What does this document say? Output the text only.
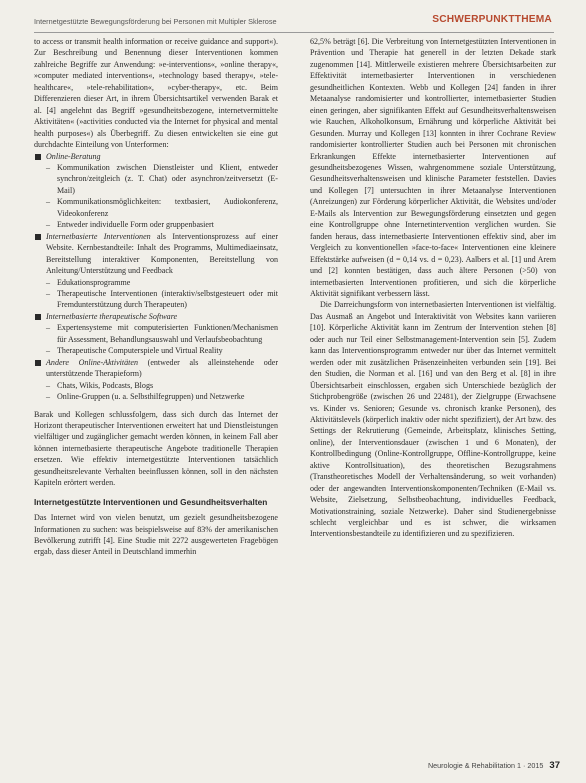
Internetgestützte Bewegungsförderung bei Personen mit Multipler Sklerose	SCHWERPUNKTTHEMA

to access or transmit health information or receive guidance and support«). Zur Beschreibung und Benennung dieser Interventionen kommen zahlreiche Begriffe zur Anwendung: »e-interventions«, »online therapy«, »computer mediated interventions«, »technology based therapy«, »tele-healthcare«, »tele-rehabilitation«, »cyber-therapy«, etc. Beim Differenzieren dieser Art, in ihrem Übersichtsartikel verwenden Barak et al. [4] angelehnt das Begriff »gesundheitsbezogene, internetvermittelte Aktivitäten« (»activities conducted via the Internet for physical and mental health purposes«) als Überbegriff. Zu diesen entwickelten sie eine gut durchdachte Einteilung von Unterformen:

Online-Beratung
– Kommunikation zwischen Dienstleister und Klient, entweder synchron/zeitgleich (z. T. Chat) oder asynchron/zeitversetzt (E-Mail)
– Kommunikationsmöglichkeiten: textbasiert, Audiokonferenz, Videokonferenz
– Entweder individuelle Form oder gruppenbasiert
Internetbasierte Interventionen als Interventionsprozess auf einer Website. Kernbestandteile: Inhalt des Programms, Multimediaeinsatz, Bereitstellung interaktiver Komponenten, Bereitstellung von Anleitung/Unterstützung und Feedback
– Edukationsprogramme
– Therapeutische Interventionen (interaktiv/selbstgesteuert oder mit Fremdunterstützung durch Therapeuten)
Internetbasierte therapeutische Software
– Expertensysteme mit computerisierten Funktionen/Mechanismen für Assessment, Behandlungsauswahl und Verlaufsbeobachtung
– Therapeutische Computerspiele und Virtual Reality
Andere Online-Aktivitäten (entweder als alleinstehende oder unterstützende Therapieform)
– Chats, Wikis, Podcasts, Blogs
– Online-Gruppen (u. a. Selbsthilfegruppen) und Netzwerke

Barak und Kollegen schlussfolgern, dass sich durch das Internet der Horizont therapeutischer Interventionen erweitert hat und Dienstleistungen vielfältiger und zugänglicher gemacht werden können, in keinem Fall aber können internetbasierte therapeutische Angebote traditionelle Therapien ersetzen. Wie effektiv internetgestützte Interventionen tatsächlich gesundheitsrelevante Verhalten beeinflussen können, soll in den nächsten Kapiteln erörtert werden.

Internetgestützte Interventionen und Gesundheitsverhalten

Das Internet wird von vielen benutzt, um gezielt gesundheitsbezogene Informationen zu suchen: was beispielsweise auf 83% der amerikanischen Bevölkerung zutrifft [4]. Eine Studie mit 2272 ausgewerteten Fragebögen ergab, dass dieser Anteil in Deutschland immerhin

62,5% beträgt [6]. Die Verbreitung von Internetgestützten Interventionen in Prävention und Therapie hat generell in der letzten Dekade stark zugenommen [14]. Mittlerweile existieren mehrere Übersichtsarbeiten zur Effektivität internetbasierter Interventionen in verschiedenen gesundheitlichen Kontexten. Webb und Kollegen [24] fanden in ihrer Metaanalyse randomisierter und kontrollierter, internetbasierter Studien einen geringen, aber signifikanten Effekt auf Gesundheitsverhaltensweisen wie Rauchen, Alkoholkonsum, Ernährung und körperliche Aktivität bei Gesunden. Murray und Kollegen [13] konnten in ihrer Cochrane Review randomisierter kontrollierter Studien auch bei Personen mit chronischen Erkrankungen Effekte internetbasierter Interventionen auf gesundheitsbezogenes Wissen, wahrgenommene soziale Unterstützung, Gesundheitsverhaltensweisen und klinische Parameter feststellen. Davies und Kollegen [7] untersuchten in ihrer Metaanalyse Interventionen (Anreizungen) zur Förderung körperlicher Aktivität, die Websites und/oder E-Mails als Intervention zur Bewegungsförderung einsetzten und gegen eine Kontrollgruppe ohne Internetintervention verglichen wurden. Sie fanden heraus, dass internetbasierte Interventionen effektiv sind, aber im Vergleich zu konventionellen »face-to-face« Interventionen eine kleinere Effektstärke aufweisen (d = 0,14 vs. d = 0,23). Aalbers et al. [1] und Arem und [2] konnten bestätigen, dass auch ältere Personen (>50) von internetbasierten Interventionen profitieren, und sich die körperliche Aktivität signifikant verbessern lässt.

Die Darreichungsform von internetbasierten Interventionen ist vielfältig. Das Ausmaß an Angebot und Interaktivität von Websites kann variieren [10]. Körperliche Aktivität kann im Zentrum der Intervention stehen [8] oder auch nur Teil einer Selbstmanagement-Intervention sein [5]. Zudem kann das Interventionsprogramm entweder nur über das Internet vermittelt werden oder mit zusätzlichen Präsenzeinheiten verbunden sein [19]. Bei den Studien, die Norman et al. [16] und van den Berg et al. [8] in ihre Übersichtsarbeit einschlossen, ergaben sich Unterschiede bezüglich der Stichprobengröße (zwischen 26 und 22481), der Zielgruppe (Erwachsene vs. Kinder vs. Senioren; Gesunde vs. chronisch kranke Personen), des Aktivitätslevels (körperlich inaktiv oder nicht spezifiziert), der Art bzw. des Settings der Rekrutierung (Gemeinde, Arbeitsplatz, klinisches Setting, online), der Interventionsdauer (zwischen 1 und 6 Monaten), der Kontrollbedingung (Online-Kontrollgruppe, Offline-Kontrollgruppe, keine aktive Kontrollsituation), des theoretischen Bezugsrahmens (Transtheoretisches Modell der Verhaltensänderung, so weit vorhanden) oder der angewandten Interventionskomponenten/Techniken (E-Mail vs. Website, Zielsetzung, Selbstbeobachtung, individuelles Feedback, Motivationstraining, soziale Netzwerke). Daher sind Studienergebnisse schlecht vergleichbar und es ist schwer, die wirksamen Interventionsbestandteile zu identifizieren und zu spezifizieren.

Neurologie & Rehabilitation 1 · 2015 37
